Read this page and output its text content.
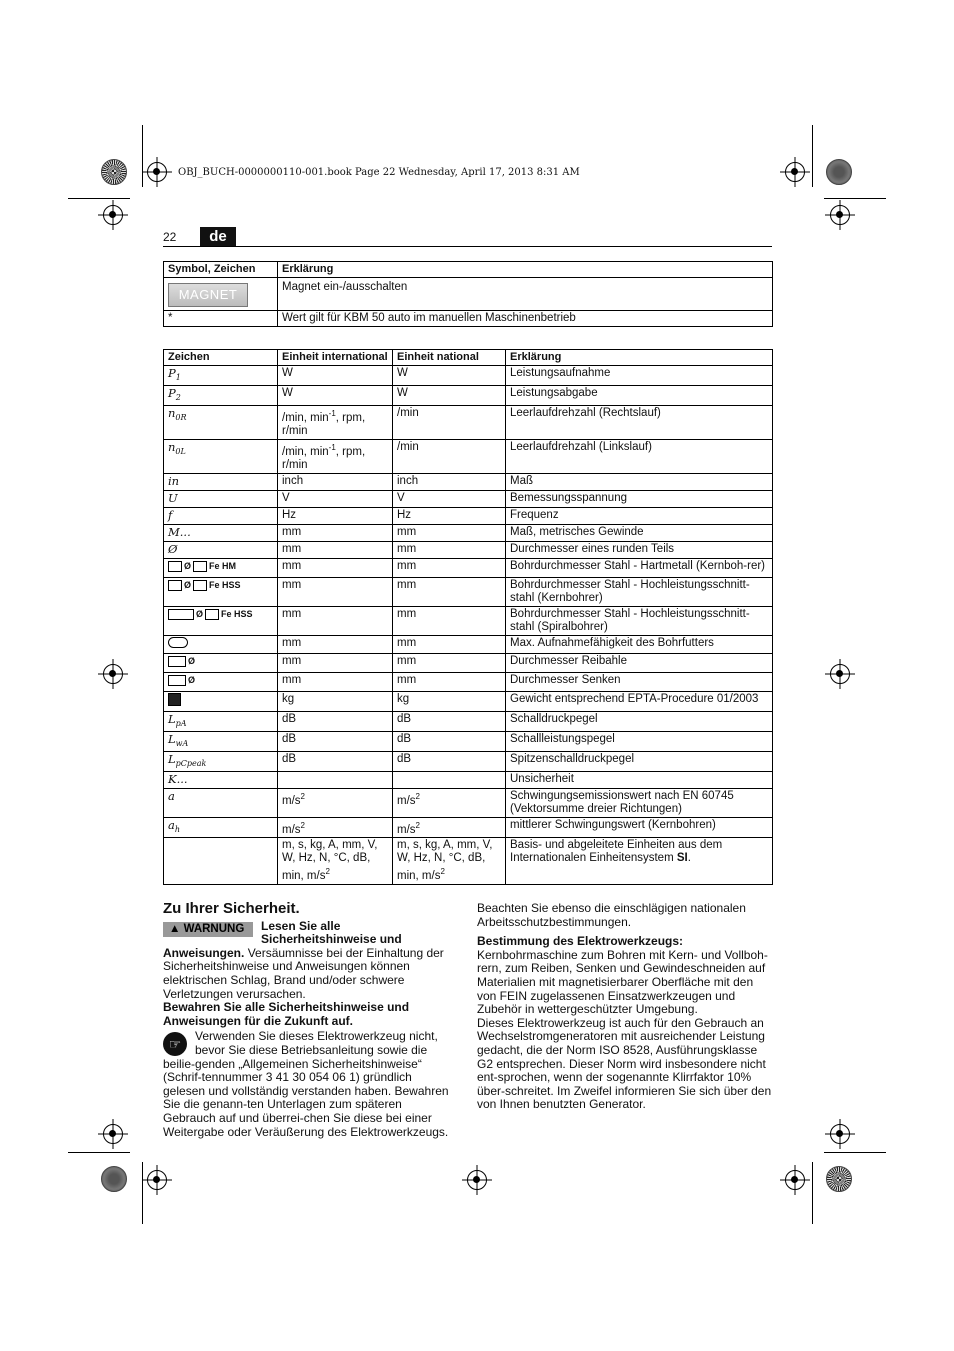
OBJ_BUCH-0000000110-001.book Page 22 Wednesday, April 17, 2013 8:31 AM
22	de
Symbol, Zeichen	Erklärung
MAGNET	Magnet ein-/ausschalten
*	Wert gilt für KBM 50 auto im manuellen Maschinenbetrieb
Zeichen	Einheit international	Einheit national	Erklärung
$P_1$	W	W	Leistungsaufnahme
$P_2$	W	W	Leistungsabgabe
$n_{0R}$	/min, $\min^{-1}$, rpm, r/min	/min	Leerlaufdrehzahl (Rechtslauf)
$n_{0L}$	/min, $\min^{-1}$, rpm, r/min	/min	Leerlaufdrehzahl (Linkslauf)
in	inch	inch	Maß
U	V	V	Bemessungsspannung
f	Hz	Hz	Frequenz
M...	mm	mm	Maß, metrisches Gewinde
Ø	mm	mm	Durchmesser eines runden Teils

Ø
Fe HM	mm	mm	Bohrdurchmesser Stahl - Hartmetall (Kernboh-rer)

Ø
Fe HSS	mm	mm	Bohrdurchmesser Stahl - Hochleistungsschnitt-stahl (Kernbohrer)

Ø
Fe HSS	mm	mm	Bohrdurchmesser Stahl - Hochleistungsschnitt-stahl (Spiralbohrer)

	mm	mm	Max. Aufnahmefähigkeit des Bohrfutters

Ø	mm	mm	Durchmesser Reibahle

Ø	mm	mm	Durchmesser Senken

	kg	kg	Gewicht entsprechend EPTA-Procedure 01/2003
$L_{pA}$	dB	dB	Schalldruckpegel
$L_{wA}$	dB	dB	Schallleistungspegel
$L_{pCpeak}$	dB	dB	Spitzenschalldruckpegel
K...			Unsicherheit
a	$m/s^2$	$m/s^2$	Schwingungsemissionswert nach EN 60745 (Vektorsumme dreier Richtungen)
$a_h$	$m/s^2$	$m/s^2$	mittlerer Schwingungswert (Kernbohren)
	m, s, kg, A, mm, V, W, Hz, N, °C, dB, min, $m/s^2$	m, s, kg, A, mm, V, W, Hz, N, °C, dB, min, $m/s^2$	Basis- und abgeleitete Einheiten aus dem Internationalen Einheitensystem SI.
Zu Ihrer Sicherheit.
▲ WARNUNG	Lesen Sie alle Sicherheitshinweise und Anweisungen. Versäumnisse bei der Einhaltung der Sicherheitshinweise und Anweisungen können elektrischen Schlag, Brand und/oder schwere Verletzungen verursachen.

Bewahren Sie alle Sicherheitshinweise und Anweisungen für die Zukunft auf.

☞	Verwenden Sie dieses Elektrowerkzeug nicht, bevor Sie diese Betriebsanleitung sowie die beilie-genden „Allgemeinen Sicherheitshinweise“ (Schrif-tennummer 3 41 30 054 06 1) gründlich gelesen und vollständig verstanden haben. Bewahren Sie die genann-ten Unterlagen zum späteren Gebrauch auf und überrei-chen Sie diese bei einer Weitergabe oder Veräußerung des Elektrowerkzeugs.

Beachten Sie ebenso die einschlägigen nationalen Arbeitsschutzbestimmungen.

Bestimmung des Elektrowerkzeugs:

Kernbohrmaschine zum Bohren mit Kern- und Vollboh-rern, zum Reiben, Senken und Gewindeschneiden auf Materialien mit magnetisierbarer Oberfläche mit den von FEIN zugelassenen Einsatzwerkzeugen und Zubehör in wettergeschützter Umgebung.

Dieses Elektrowerkzeug ist auch für den Gebrauch an Wechselstromgeneratoren mit ausreichender Leistung gedacht, die der Norm ISO 8528, Ausführungsklasse G2 entsprechen. Dieser Norm wird insbesondere nicht ent-sprochen, wenn der sogenannte Klirrfaktor 10% über-schreitet. Im Zweifel informieren Sie sich über den von Ihnen benutzten Generator.
